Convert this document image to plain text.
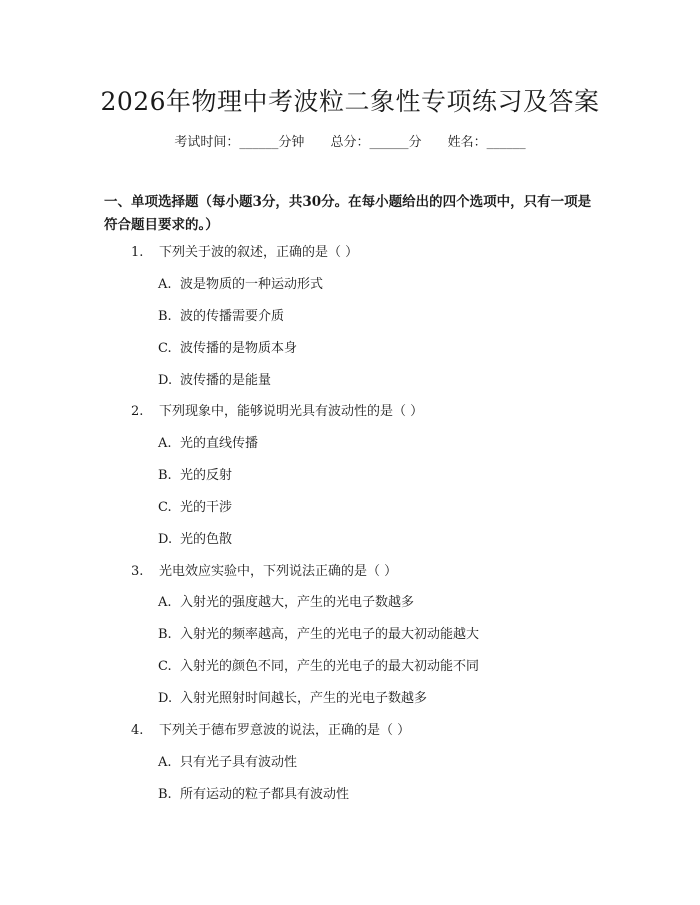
2026年物理中考波粒二象性专项练习及答案
考试时间：______分钟 总分：______分 姓名：______
一、单项选择题（每小题3分，共30分。在每小题给出的四个选项中，只有一项是符合题目要求的。）
1. 下列关于波的叙述，正确的是（ ）
A. 波是物质的一种运动形式
B. 波的传播需要介质
C. 波传播的是物质本身
D. 波传播的是能量
2. 下列现象中，能够说明光具有波动性的是（ ）
A. 光的直线传播
B. 光的反射
C. 光的干涉
D. 光的色散
3. 光电效应实验中，下列说法正确的是（ ）
A. 入射光的强度越大，产生的光电子数越多
B. 入射光的频率越高，产生的光电子的最大初动能越大
C. 入射光的颜色不同，产生的光电子的最大初动能不同
D. 入射光照射时间越长，产生的光电子数越多
4. 下列关于德布罗意波的说法，正确的是（ ）
A. 只有光子具有波动性
B. 所有运动的粒子都具有波动性
